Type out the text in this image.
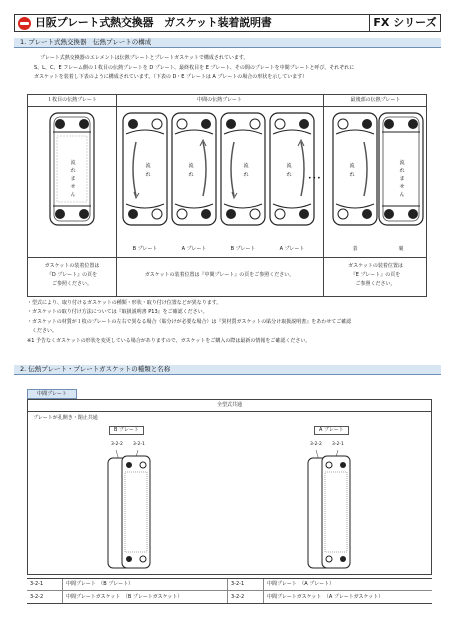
日阪プレート式熱交換器　ガスケット装着説明書	FX シリーズ
1. プレート式熱交換器　伝熱プレートの構成

プレート式熱交換器のエレメントは伝熱プレートとプレートガスケットで構成されています。

S、L、C、E フレーム側の１枚目の伝熱プレートを D プレート、最終枚目を E プレート、その間のプレートを中間プレートと呼び、それぞれに

ガスケットを装着し下表のように構成されています。（下表の D・E プレートは A プレートの場合の形状を示しています）

１枚目の伝熱プレート	中間の伝熱プレート	最後部の伝熱プレート
流
れ
ま
せ
ん
流
れ
流
れ
流
れ
流
れ	•••
流
れ
流
れ
ま
せ
ん
B プレート	A プレート	B プレート	A プレート	表	裏
ガスケットの装着位置は
『D プレート』の頁を
ご参照ください。
ガスケットの装着位置は『中間プレート』の頁をご参照ください。
ガスケットの装着位置は
『E プレート』の頁を
ご参照ください。

・型式により、取り付けるガスケットの種類・形状・取り付け位置などが異なります。

・ガスケットの取り付け方法については『取扱説明書 P13』をご確認ください。

・ガスケットの材質が１枚のプレートの左右で異なる場合（貼分けが必要な場合）は『異材質ガスケットの貼分け取扱説明書』をあわせてご確認

　ください。

※1 予告なくガスケットの形状を変更している場合がありますので、ガスケットをご購入の際は最新の情報をご確認ください。

2. 伝熱プレート・プレートガスケットの種類と名称
中間プレート
全型式共通
プレートが孔開き・閉止共通
B プレート	A プレート
3-2-2 3-2-1	3-2-2 3-2-1
3-2-1	中間プレート　（B プレート）	3-2-1	中間プレート　（A プレート）
3-2-2	中間プレートガスケット　（B プレートガスケット）	3-2-2	中間プレートガスケット　（A プレートガスケット）
